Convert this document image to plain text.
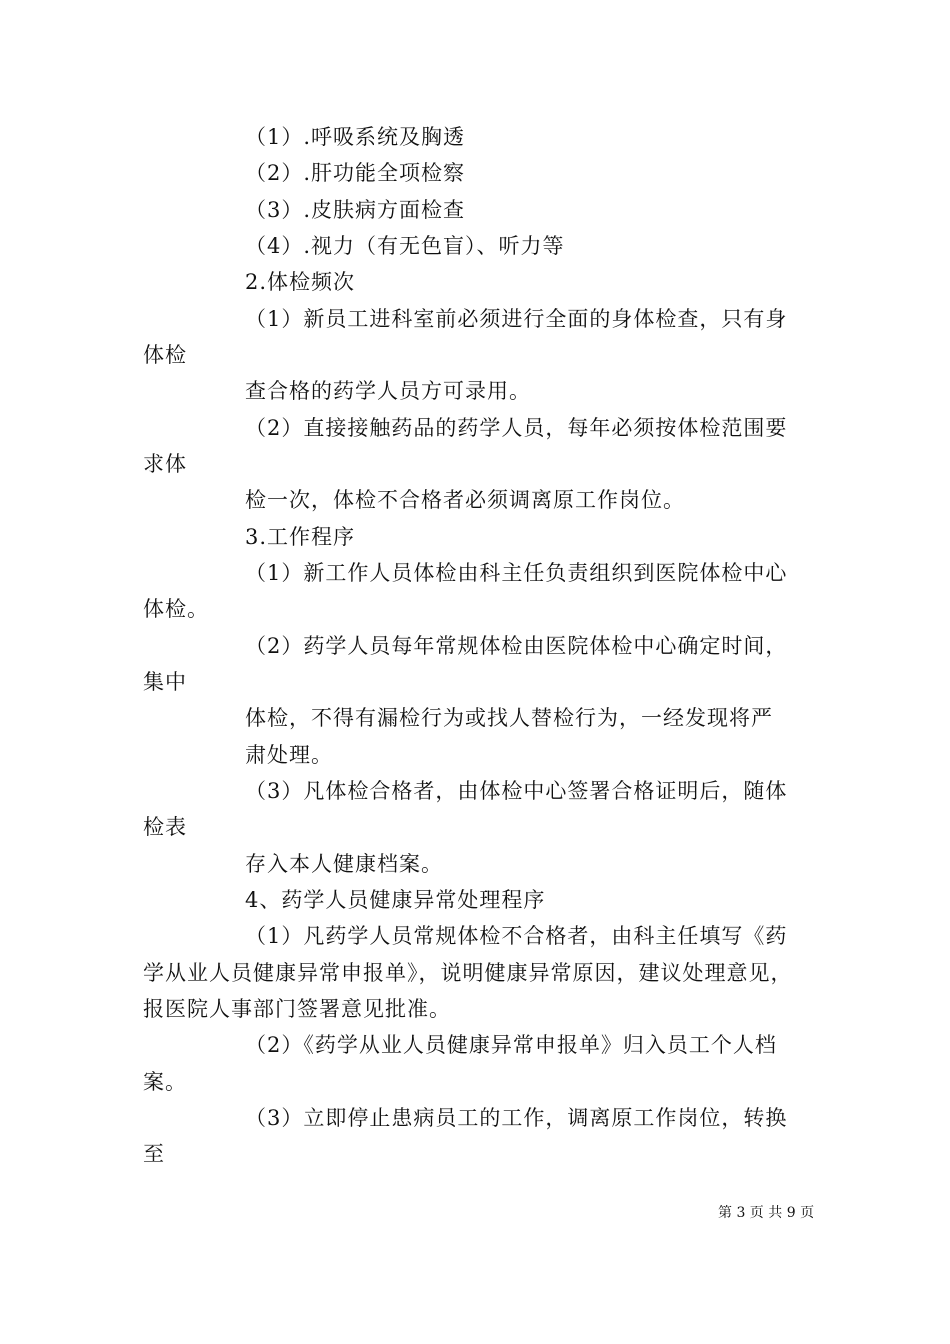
（1）.呼吸系统及胸透
（2）.肝功能全项检察
（3）.皮肤病方面检查
（4）.视力（有无色盲）、听力等
2.体检频次
（1）新员工进科室前必须进行全面的身体检查，只有身
体检
查合格的药学人员方可录用。
（2）直接接触药品的药学人员，每年必须按体检范围要
求体
检一次，体检不合格者必须调离原工作岗位。
3.工作程序
（1）新工作人员体检由科主任负责组织到医院体检中心
体检。
（2）药学人员每年常规体检由医院体检中心确定时间，
集中
体检，不得有漏检行为或找人替检行为，一经发现将严
肃处理。
（3）凡体检合格者，由体检中心签署合格证明后，随体
检表
存入本人健康档案。
4、药学人员健康异常处理程序
（1）凡药学人员常规体检不合格者，由科主任填写《药
学从业人员健康异常申报单》，说明健康异常原因，建议处理意见，
报医院人事部门签署意见批准。
（2）《药学从业人员健康异常申报单》归入员工个人档
案。
（3）立即停止患病员工的工作，调离原工作岗位，转换
至
第 3 页 共 9 页
